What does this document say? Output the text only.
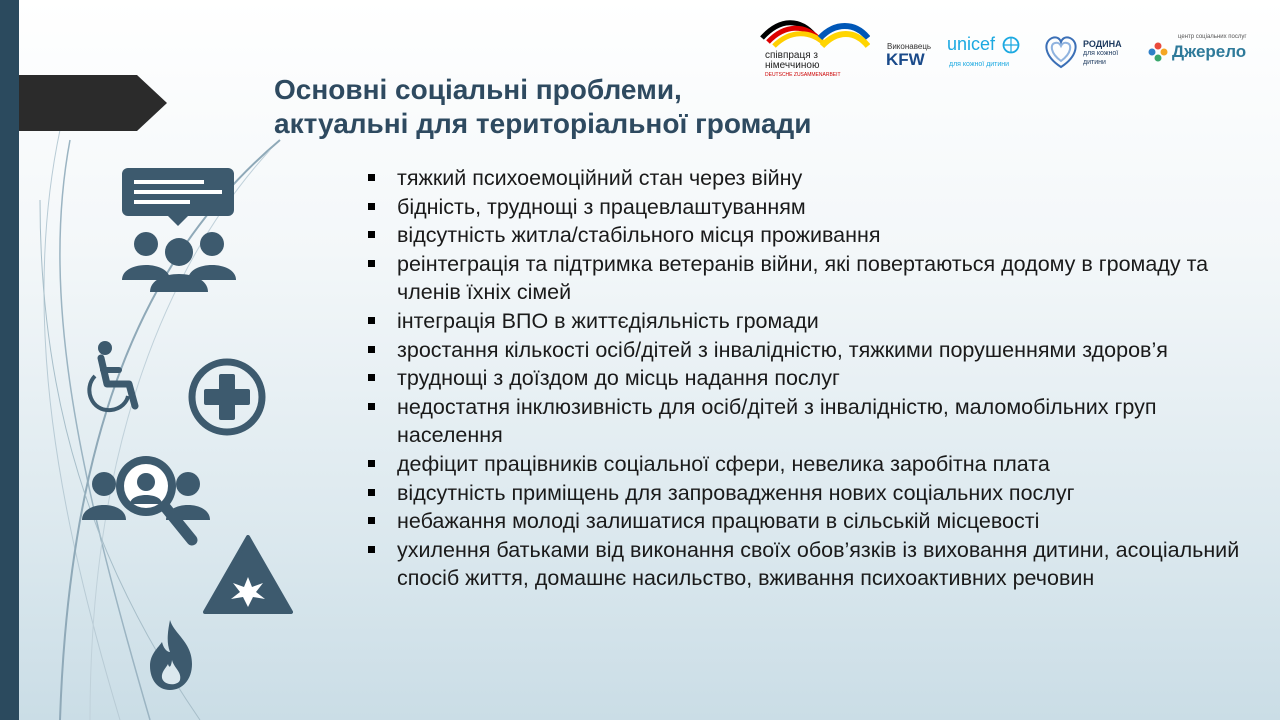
співпраця з
німеччиною
DEUTSCHE ZUSAMMENARBEIT
Виконавець
KFW
unicef
для кожної дитини
РОДИНА
для кожної
дитини
центр соціальних послуг
Джерело
Основні соціальні проблеми,
актуальні для територіальної громади
тяжкий психоемоційний стан через війну
бідність, труднощі з працевлаштуванням
відсутність житла/стабільного місця проживання
реінтеграція та підтримка ветеранів війни, які повертаються додому в громаду та членів їхніх сімей
інтеграція ВПО в життєдіяльність громади
зростання кількості осіб/дітей з інвалідністю, тяжкими порушеннями здоров’я
труднощі з доїздом до місць надання послуг
недостатня інклюзивність для осіб/дітей з інвалідністю, маломобільних груп населення
дефіцит працівників соціальної сфери, невелика заробітна плата
відсутність приміщень для запровадження нових соціальних послуг
небажання молоді залишатися працювати в сільській місцевості
ухилення батьками від виконання своїх обов’язків із виховання дитини, асоціальний спосіб життя, домашнє насильство, вживання психоактивних речовин
